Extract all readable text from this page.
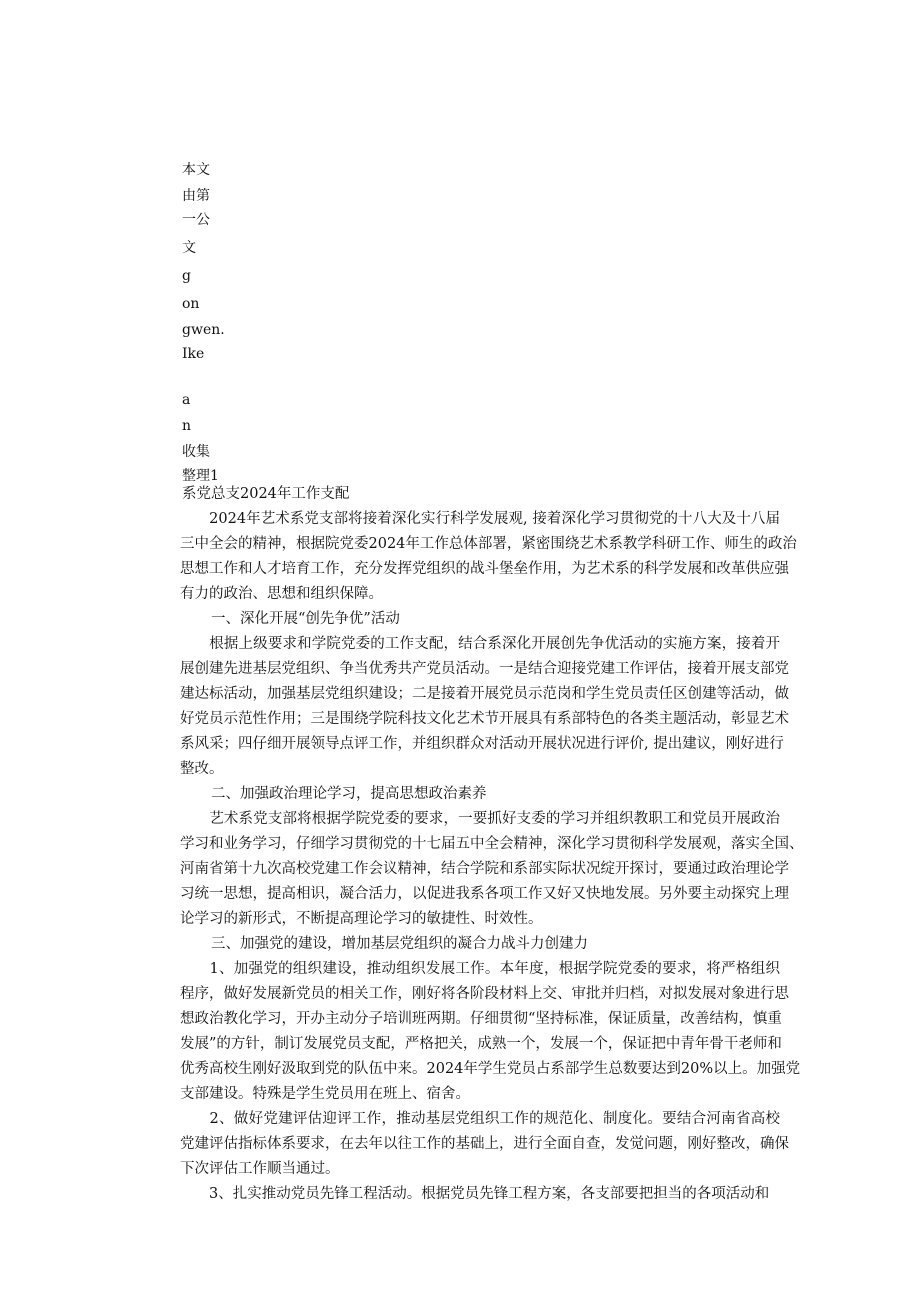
本文
由第
一公
文
g
on
gwen.
Ike
a
n
收集
整理1
系党总支2024年工作支配
　　2024年艺术系党支部将接着深化实行科学发展观, 接着深化学习贯彻党的十八大及十八届
三中全会的精神，根据院党委2024年工作总体部署，紧密围绕艺术系教学科研工作、师生的政治
思想工作和人才培育工作，充分发挥党组织的战斗堡垒作用，为艺术系的科学发展和改革供应强
有力的政治、思想和组织保障。
　　一、深化开展“创先争优”活动
　　根据上级要求和学院党委的工作支配，结合系深化开展创先争优活动的实施方案，接着开
展创建先进基层党组织、争当优秀共产党员活动。一是结合迎接党建工作评估，接着开展支部党
建达标活动，加强基层党组织建设；二是接着开展党员示范岗和学生党员责任区创建等活动，做
好党员示范性作用；三是围绕学院科技文化艺术节开展具有系部特色的各类主题活动，彰显艺术
系风采；四仔细开展领导点评工作，并组织群众对活动开展状况进行评价, 提出建议，刚好进行
整改。
　　二、加强政治理论学习，提高思想政治素养
　　艺术系党支部将根据学院党委的要求，一要抓好支委的学习并组织教职工和党员开展政治
学习和业务学习，仔细学习贯彻党的十七届五中全会精神，深化学习贯彻科学发展观，落实全国、
河南省第十九次高校党建工作会议精神，结合学院和系部实际状况绽开探讨，要通过政治理论学
习统一思想，提高相识，凝合活力，以促进我系各项工作又好又快地发展。另外要主动探究上理
论学习的新形式，不断提高理论学习的敏捷性、时效性。
　　三、加强党的建设，增加基层党组织的凝合力战斗力创建力
　　1、加强党的组织建设，推动组织发展工作。本年度，根据学院党委的要求，将严格组织
程序，做好发展新党员的相关工作，刚好将各阶段材料上交、审批并归档，对拟发展对象进行思
想政治教化学习，开办主动分子培训班两期。仔细贯彻“坚持标准，保证质量，改善结构，慎重
发展”的方针，制订发展党员支配，严格把关，成熟一个，发展一个，保证把中青年骨干老师和
优秀高校生刚好汲取到党的队伍中来。2024年学生党员占系部学生总数要达到20%以上。加强党
支部建设。特殊是学生党员用在班上、宿舍。
　　2、做好党建评估迎评工作，推动基层党组织工作的规范化、制度化。要结合河南省高校
党建评估指标体系要求，在去年以往工作的基础上，进行全面自查，发觉问题，刚好整改，确保
下次评估工作顺当通过。
　　3、扎实推动党员先锋工程活动。根据党员先锋工程方案，各支部要把担当的各项活动和
